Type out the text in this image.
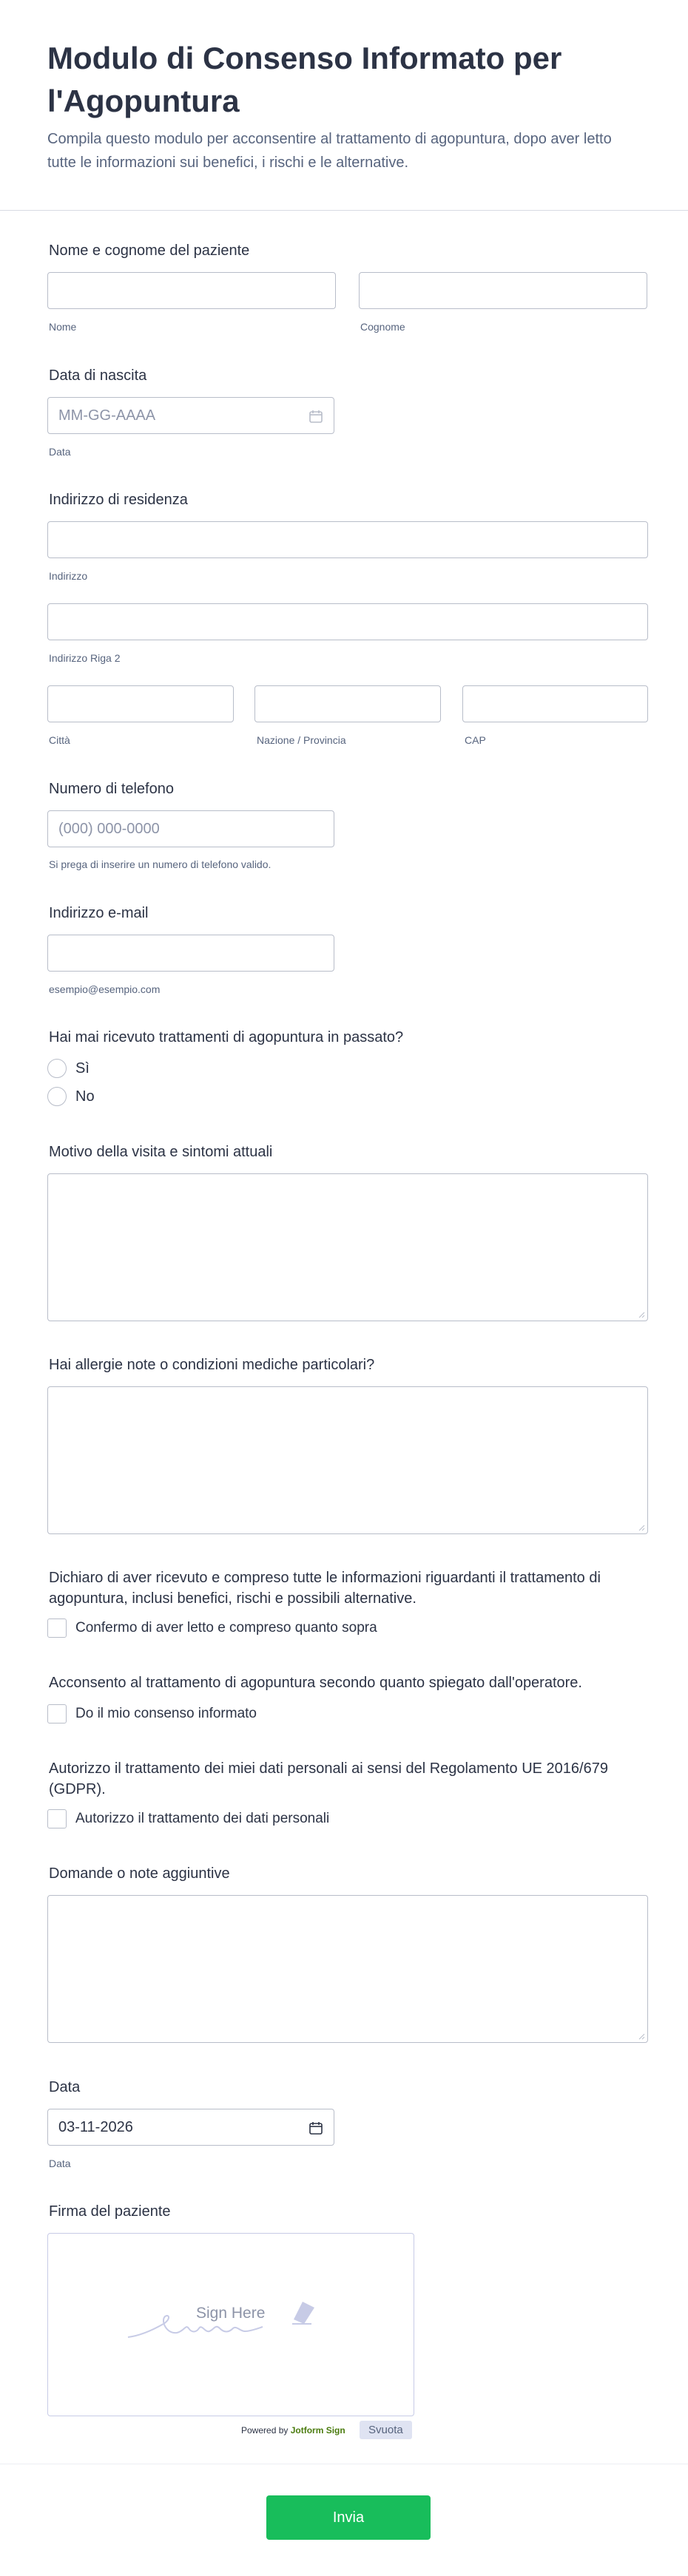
Modulo di Consenso Informato per l'Agopuntura
Compila questo modulo per acconsentire al trattamento di agopuntura, dopo aver letto tutte le informazioni sui benefici, i rischi e le alternative.
Nome e cognome del paziente
Nome	Cognome
Data di nascita
MM-GG-AAAA
Data
Indirizzo di residenza
Indirizzo
Indirizzo Riga 2
Città	Nazione / Provincia	CAP
Numero di telefono
(000) 000-0000
Si prega di inserire un numero di telefono valido.
Indirizzo e-mail
esempio@esempio.com
Hai mai ricevuto trattamenti di agopuntura in passato?
Sì
No
Motivo della visita e sintomi attuali
Hai allergie note o condizioni mediche particolari?
Dichiaro di aver ricevuto e compreso tutte le informazioni riguardanti il trattamento di agopuntura, inclusi benefici, rischi e possibili alternative.
Confermo di aver letto e compreso quanto sopra
Acconsento al trattamento di agopuntura secondo quanto spiegato dall'operatore.
Do il mio consenso informato
Autorizzo il trattamento dei miei dati personali ai sensi del Regolamento UE 2016/679 (GDPR).
Autorizzo il trattamento dei dati personali
Domande o note aggiuntive
Data
03-11-2026
Data
Firma del paziente
Sign Here
Powered by Jotform Sign	Svuota
Invia
